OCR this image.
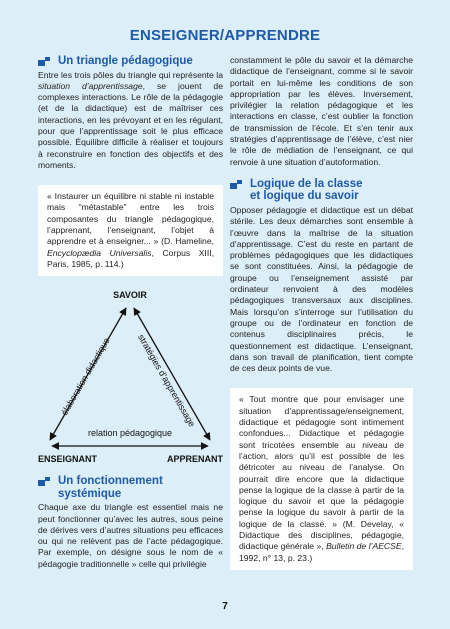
ENSEIGNER/APPRENDRE
Un triangle pédagogique
Entre les trois pôles du triangle qui représente la situation d’apprentissage, se jouent de complexes interactions. Le rôle de la pédagogie (et de la didactique) est de maîtriser ces interactions, en les prévoyant et en les régulant, pour que l’apprentissage soit le plus efficace possible. Équilibre difficile à réaliser et toujours à reconstruire en fonction des objectifs et des moments.
« Instaurer un équilibre ni stable ni instable mais “métastable” entre les trois composantes du triangle pédagogique, l’apprenant, l’enseignant, l’objet à apprendre et à enseigner... » (D. Hameline, Encyclopædia Universalis, Corpus XIII, Paris, 1985, p. 114.)
SAVOIR
ENSEIGNANT	APPRENANT
élaboration didactique	stratégies d’apprentissage
relation pédagogique
Un fonctionnement
systémique
Chaque axe du triangle est essentiel mais ne peut fonctionner qu’avec les autres, sous peine de dérives vers d’autres situations peu efficaces ou qui ne relèvent pas de l’acte pédagogique. Par exemple, on désigne sous le nom de « pédagogie traditionnelle » celle qui privilégie
constamment le pôle du savoir et la démarche didactique de l’enseignant, comme si le savoir portait en lui-même les conditions de son appropriation par les élèves. Inversement, privilégier la relation pédagogique et les interactions en classe, c’est oublier la fonction de transmission de l’école. Et s’en tenir aux stratégies d’apprentissage de l’élève, c’est nier le rôle de médiation de l’enseignant, ce qui renvoie à une situation d’autoformation.
Logique de la classe
et logique du savoir
Opposer pédagogie et didactique est un débat stérile. Les deux démarches sont ensemble à l’œuvre dans la maîtrise de la situation d’apprentissage. C’est du reste en partant de problèmes pédagogiques que les didactiques se sont constituées. Ainsi, la pédagogie de groupe ou l’enseignement assisté par ordinateur renvoient à des modèles pédagogiques transversaux aux disciplines. Mais lorsqu’on s’interroge sur l’utilisation du groupe ou de l’ordinateur en fonction de contenus disciplinaires précis, le questionnement est didactique. L’enseignant, dans son travail de planification, tient compte de ces deux points de vue.
« Tout montre que pour envisager une situation d’apprentissage/enseignement, didactique et pédagogie sont intimement confondues... Didactique et pédagogie sont tricotées ensemble au niveau de l’action, alors qu’il est possible de les détricoter au niveau de l’analyse. On pourrait dire encore que la didactique pense la logique de la classe à partir de la logique du savoir et que la pédagogie pense la logique du savoir à partir de la logique de la classe. » (M. Develay, « Didactique des disciplines, pédagogie, didactique générale », Bulletin de l’AECSE, 1992, n° 13, p. 23.)
7
